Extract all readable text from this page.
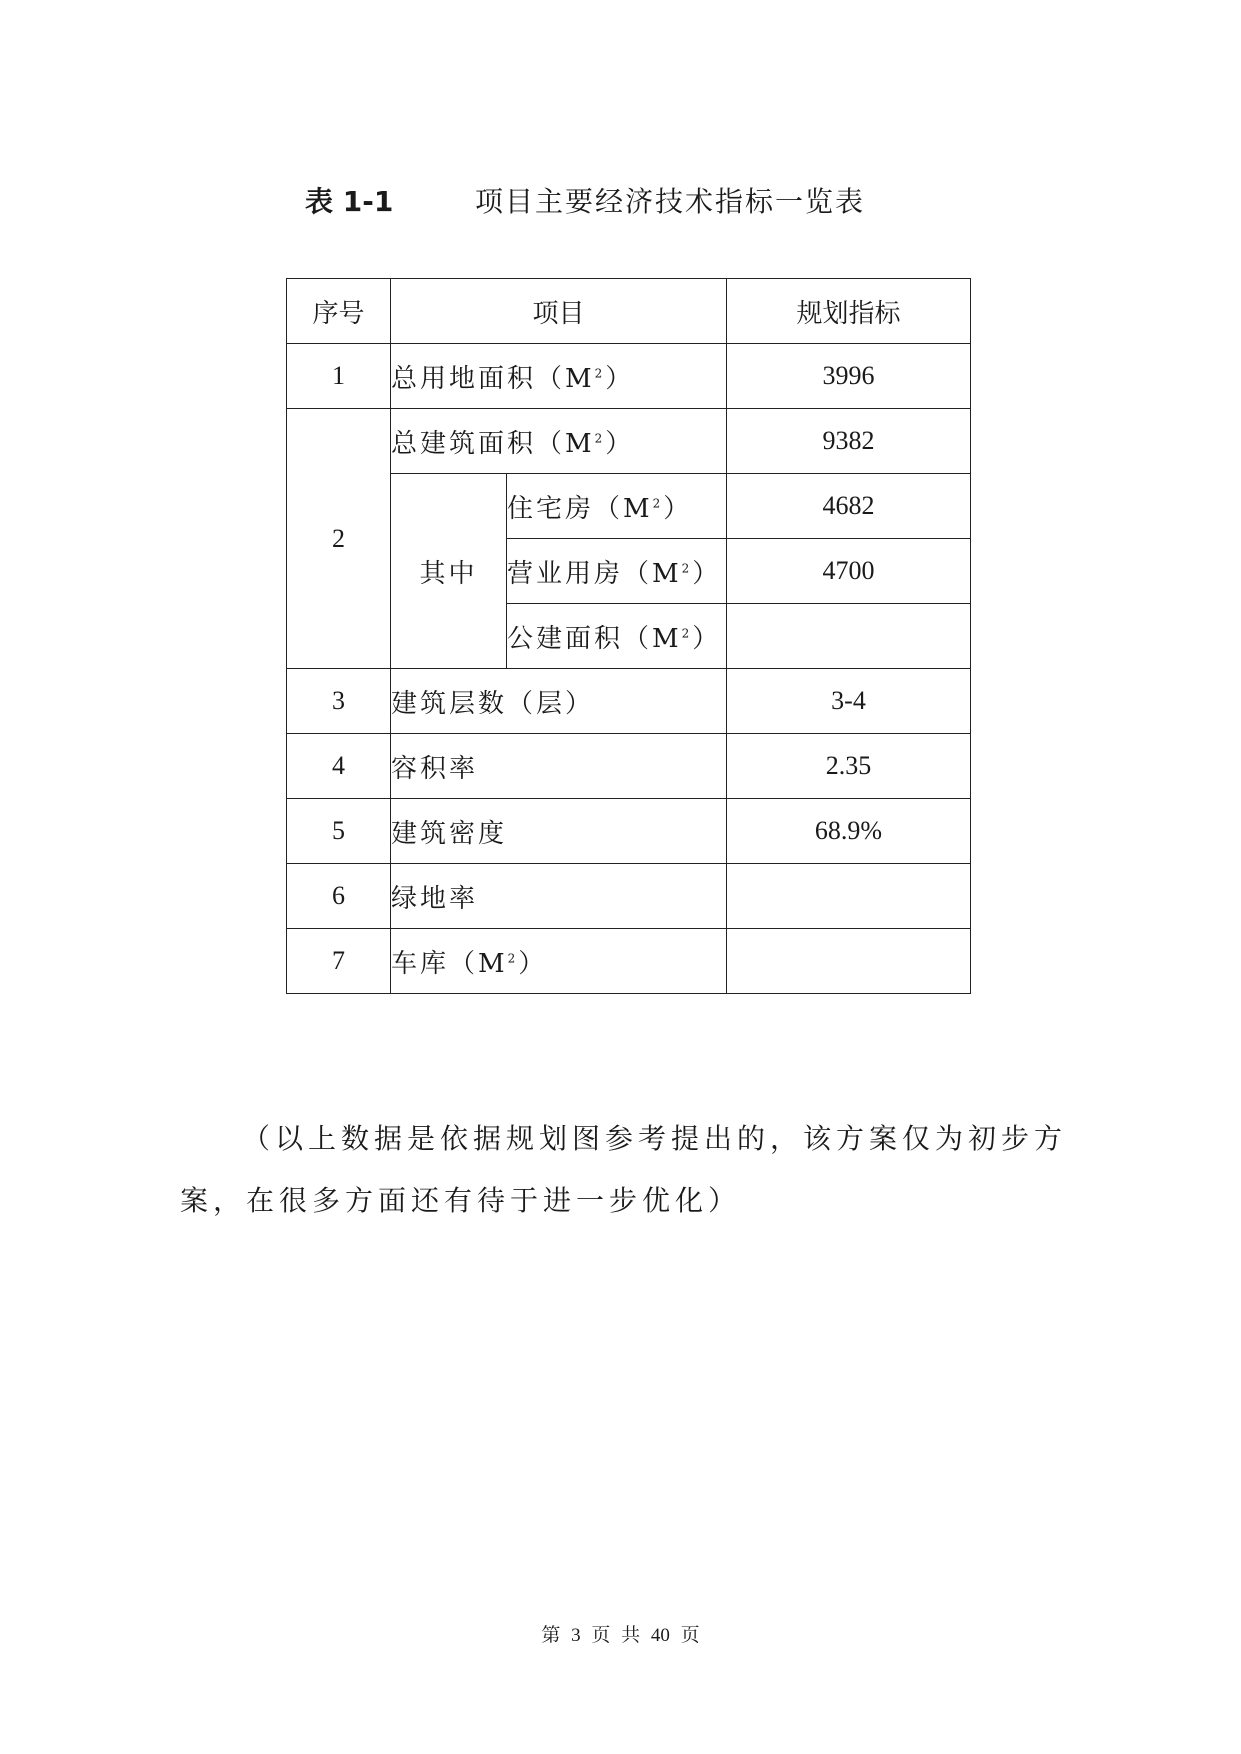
表 1-1	项目主要经济技术指标一览表
序号	项目		规划指标
1	总用地面积$(M^2)$		3996
2	总建筑面积$(M^2)$		9382
	其中	住宅房$(M^2)$	4682
		营业用房$(M^2)$	4700
		公建面积$(M^2)$	
3	建筑层数（层）		3-4
4	容积率		2.35
5	建筑密度		68.9%
6	绿地率		
7	车库$(M^2)$		

（以上数据是依据规划图参考提出的，该方案仅为初步方案，在很多方面还有待于进一步优化）

第 3 页 共 40 页
